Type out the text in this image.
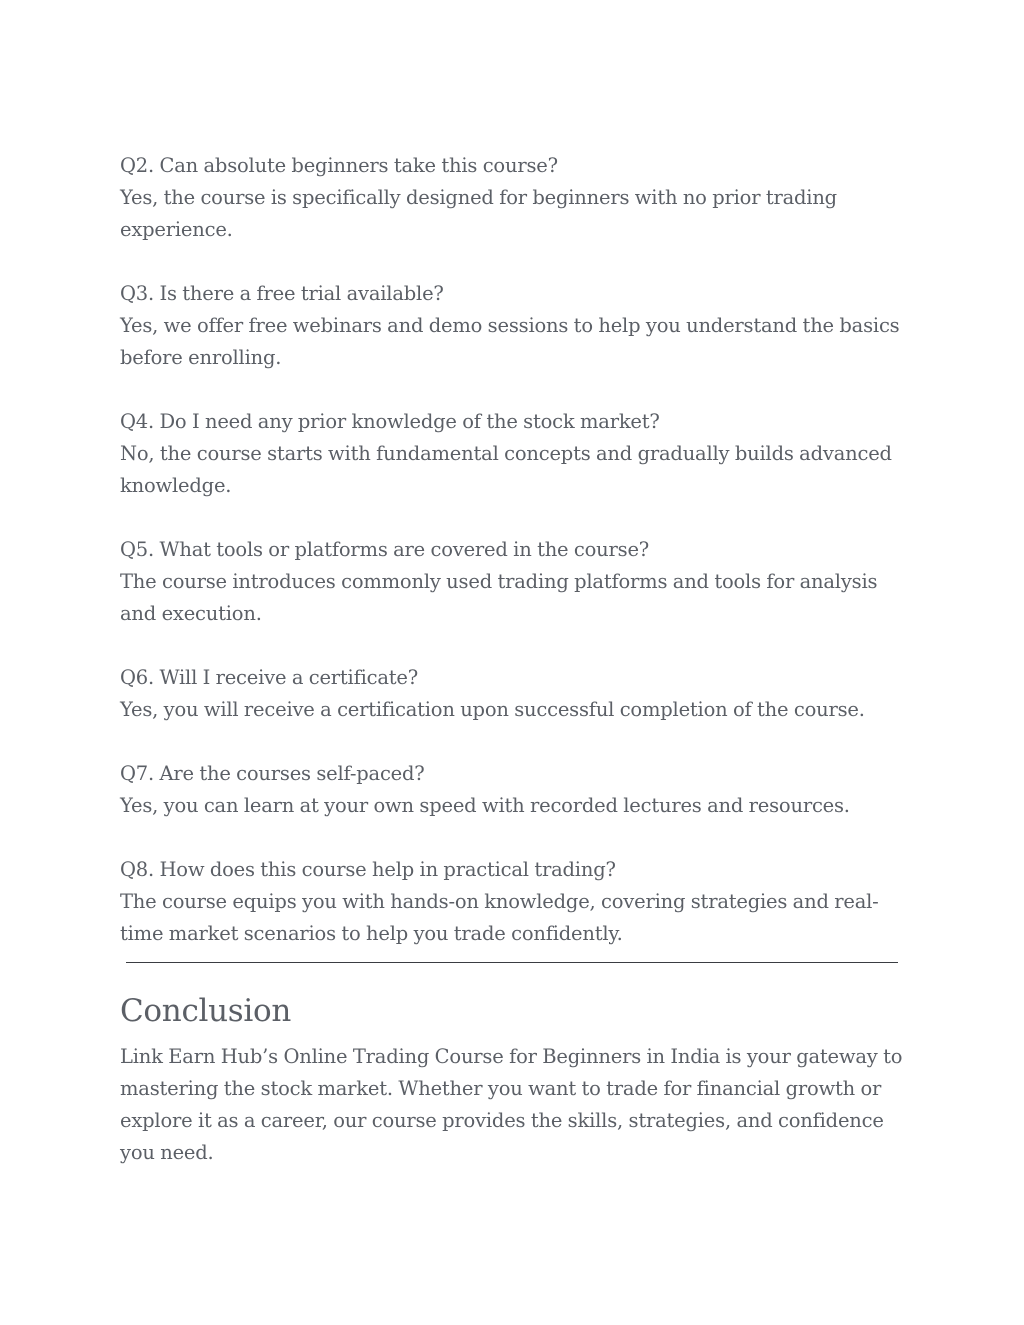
Q2. Can absolute beginners take this course?
Yes, the course is specifically designed for beginners with no prior trading experience.
Q3. Is there a free trial available?
Yes, we offer free webinars and demo sessions to help you understand the basics before enrolling.
Q4. Do I need any prior knowledge of the stock market?
No, the course starts with fundamental concepts and gradually builds advanced knowledge.
Q5. What tools or platforms are covered in the course?
The course introduces commonly used trading platforms and tools for analysis and execution.
Q6. Will I receive a certificate?
Yes, you will receive a certification upon successful completion of the course.
Q7. Are the courses self-paced?
Yes, you can learn at your own speed with recorded lectures and resources.
Q8. How does this course help in practical trading?
The course equips you with hands-on knowledge, covering strategies and real-time market scenarios to help you trade confidently.
Conclusion

Link Earn Hub’s Online Trading Course for Beginners in India is your gateway to mastering the stock market. Whether you want to trade for financial growth or explore it as a career, our course provides the skills, strategies, and confidence you need.
